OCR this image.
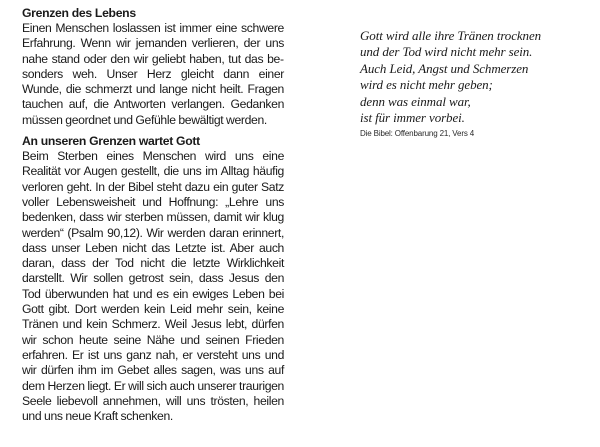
Grenzen des Lebens

Einen Menschen loslassen ist immer eine schwere Erfahrung. Wenn wir jemanden verlieren, der uns nahe stand oder den wir geliebt haben, tut das besonders weh. Unser Herz gleicht dann einer Wunde, die schmerzt und lange nicht heilt. Fragen tauchen auf, die Antworten verlangen. Gedanken müssen geordnet und Gefühle bewältigt werden.

An unseren Grenzen wartet Gott

Beim Sterben eines Menschen wird uns eine Realität vor Augen gestellt, die uns im Alltag häufig verloren geht. In der Bibel steht dazu ein guter Satz voller Lebensweisheit und Hoffnung: „Lehre uns bedenken, dass wir sterben müssen, damit wir klug werden“ (Psalm 90,12). Wir werden daran erinnert, dass unser Leben nicht das Letzte ist. Aber auch daran, dass der Tod nicht die letzte Wirklichkeit darstellt. Wir sollen getrost sein, dass Jesus den Tod überwunden hat und es ein ewiges Leben bei Gott gibt. Dort werden kein Leid mehr sein, keine Tränen und kein Schmerz. Weil Jesus lebt, dürfen wir schon heute seine Nähe und seinen Frieden erfahren. Er ist uns ganz nah, er versteht uns und wir dürfen ihm im Gebet alles sagen, was uns auf dem Herzen liegt. Er will sich auch unserer traurigen Seele liebevoll annehmen, will uns trösten, heilen und uns neue Kraft schenken.

Gott wird alle ihre Tränen trocknen

und der Tod wird nicht mehr sein.

Auch Leid, Angst und Schmerzen

wird es nicht mehr geben;

denn was einmal war,

ist für immer vorbei.

Die Bibel: Offenbarung 21, Vers 4
